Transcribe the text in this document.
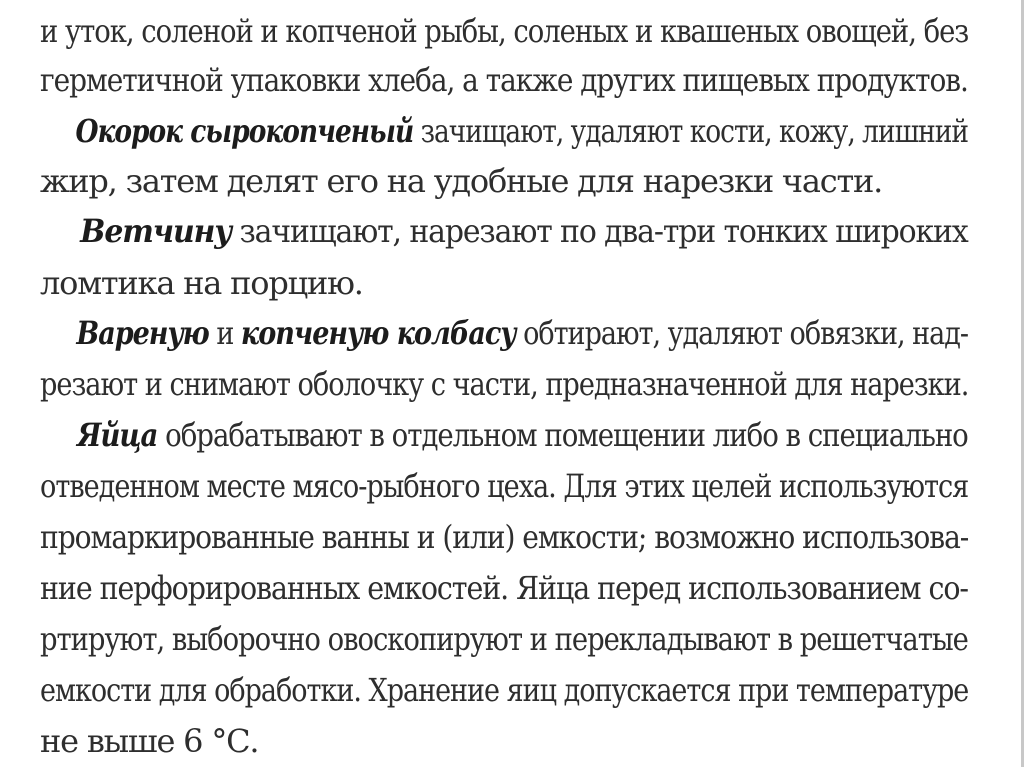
и уток, соленой и копченой рыбы, соленых и квашеных овощей, без
герметичной упаковки хлеба, а также других пищевых продуктов.
Окорок сырокопченый зачищают, удаляют кости, кожу, лишний
жир, затем делят его на удобные для нарезки части.
Ветчину зачищают, нарезают по два-три тонких широких
ломтика на порцию.
Вареную и копченую колбасу обтирают, удаляют обвязки, над-
резают и снимают оболочку с части, предназначенной для нарезки.
Яйца обрабатывают в отдельном помещении либо в специально
отведенном месте мясо-рыбного цеха. Для этих целей используются
промаркированные ванны и (или) емкости; возможно использова-
ние перфорированных емкостей. Яйца перед использованием со-
ртируют, выборочно овоскопируют и перекладывают в решетчатые
емкости для обработки. Хранение яиц допускается при температуре
не выше 6 °С.
